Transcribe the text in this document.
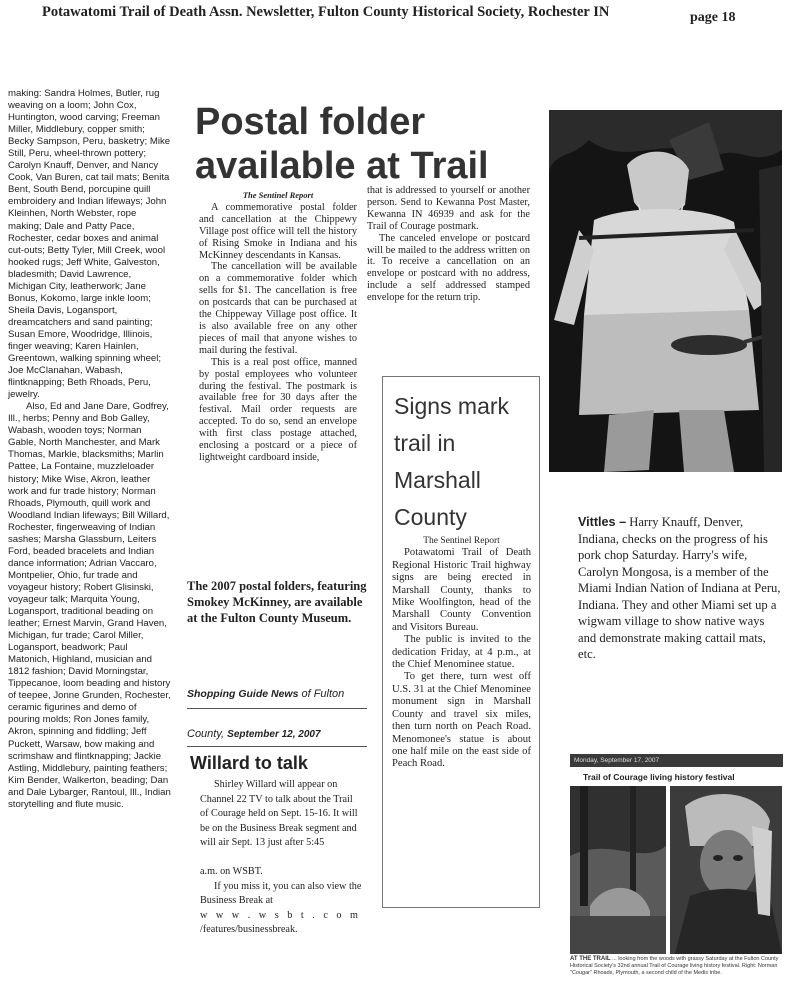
Potawatomi Trail of Death Assn. Newsletter, Fulton County Historical Society, Rochester IN	page 18

making: Sandra Holmes, Butler, rug weaving on a loom; John Cox, Huntington, wood carving; Freeman Miller, Middlebury, copper smith; Becky Sampson, Peru, basketry; Mike Still, Peru, wheel-thrown pottery; Carolyn Knauff, Denver, and Nancy Cook, Van Buren, cat tail mats; Benita Bent, South Bend, porcupine quill embroidery and Indian lifeways; John Kleinhen, North Webster, rope making; Dale and Patty Pace, Rochester, cedar boxes and animal cut-outs; Betty Tyler, Mill Creek, wool hooked rugs; Jeff White, Galveston, bladesmith; David Lawrence, Michigan City, leatherwork; Jane Bonus, Kokomo, large inkle loom; Sheila Davis, Logansport, dreamcatchers and sand painting; Susan Emore, Woodridge, Illinois, finger weaving; Karen Hainlen, Greentown, walking spinning wheel; Joe McClanahan, Wabash, flintknapping; Beth Rhoads, Peru, jewelry.

Also, Ed and Jane Dare, Godfrey, Ill., herbs; Penny and Bob Galley, Wabash, wooden toys; Norman Gable, North Manchester, and Mark Thomas, Markle, blacksmiths; Marlin Pattee, La Fontaine, muzzleloader history; Mike Wise, Akron, leather work and fur trade history; Norman Rhoads, Plymouth, quill work and Woodland Indian lifeways; Bill Willard, Rochester, fingerweaving of Indian sashes; Marsha Glassburn, Leiters Ford, beaded bracelets and Indian dance information; Adrian Vaccaro, Montpelier, Ohio, fur trade and voyageur history; Robert Glisinski, voyageur talk; Marquita Young, Logansport, traditional beading on leather; Ernest Marvin, Grand Haven, Michigan, fur trade; Carol Miller, Logansport, beadwork; Paul Matonich, Highland, musician and 1812 fashion; David Morningstar, Tippecanoe, loom beading and history of teepee, Jonne Grunden, Rochester, ceramic figurines and demo of pouring molds; Ron Jones family, Akron, spinning and fiddling; Jeff Puckett, Warsaw, bow making and scrimshaw and flintknapping; Jackie Astling, Middlebury, painting feathers; Kim Bender, Walkerton, beading; Dan and Dale Lybarger, Rantoul, Ill., Indian storytelling and flute music.

Postal folder available at Trail

The Sentinel Report

A commemorative postal folder and cancellation at the Chippewy Village post office will tell the history of Rising Smoke in Indiana and his McKinney descendants in Kansas.

The cancellation will be available on a commemorative folder which sells for $1. The cancellation is free on postcards that can be purchased at the Chippeway Village post office. It is also available free on any other pieces of mail that anyone wishes to mail during the festival.

This is a real post office, manned by postal employees who volunteer during the festival. The postmark is available free for 30 days after the festival. Mail order requests are accepted. To do so, send an envelope with first class postage attached, enclosing a postcard or a piece of lightweight cardboard inside,

that is addressed to yourself or another person. Send to Kewanna Post Master, Kewanna IN 46939 and ask for the Trail of Courage postmark.

The canceled envelope or postcard will be mailed to the address written on it. To receive a cancellation on an envelope or postcard with no address, include a self addressed stamped envelope for the return trip.

The 2007 postal folders, featuring Smokey McKinney, are available at the Fulton County Museum.
Shopping Guide News of Fulton
County, September 12, 2007
Willard to talk

Shirley Willard will appear on Channel 22 TV to talk about the Trail of Courage held on Sept. 15-16. It will be on the Business Break segment and will air Sept. 13 just after 5:45

a.m. on WSBT.

If you miss it, you can also view the Business Break at

w w w . w s b t . c o m

/features/businessbreak.

Signs mark
trail in
Marshall
County

The Sentinel Report

Potawatomi Trail of Death Regional Historic Trail highway signs are being erected in Marshall County, thanks to Mike Woolfington, head of the Marshall County Convention and Visitors Bureau.

The public is invited to the dedication Friday, at 4 p.m., at the Chief Menominee statue.

To get there, turn west off U.S. 31 at the Chief Menominee monument sign in Marshall County and travel six miles, then turn north on Peach Road. Menomonee's statue is about one half mile on the east side of Peach Road.

Vittles – Harry Knauff, Denver, Indiana, checks on the progress of his pork chop Saturday. Harry's wife, Carolyn Mongosa, is a member of the Miami Indian Nation of Indiana at Peru, Indiana. They and other Miami set up a wigwam village to show native ways and demonstrate making cattail mats, etc.
Monday, September 17, 2007
Trail of Courage living history festival
AT THE TRAIL ... looking from the woods with grassy Saturday at the Fulton County Historical Society's 32nd annual Trail of Courage living history festival. Right: Norman "Cougar" Rhoads, Plymouth, a second child of the Medis tribe.
